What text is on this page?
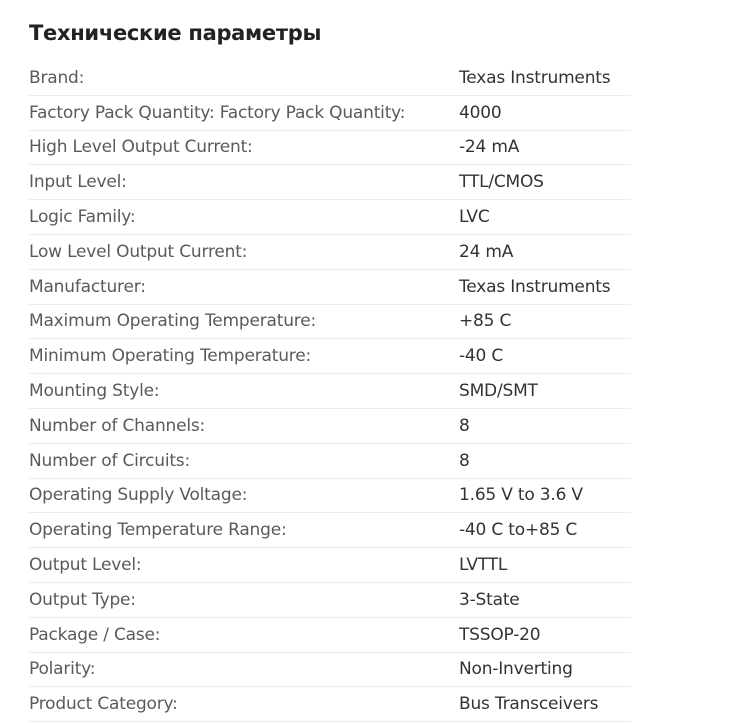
Технические параметры
Brand:	Texas Instruments
Factory Pack Quantity: Factory Pack Quantity:	4000
High Level Output Current:	-24 mA
Input Level:	TTL/CMOS
Logic Family:	LVC
Low Level Output Current:	24 mA
Manufacturer:	Texas Instruments
Maximum Operating Temperature:	+85 C
Minimum Operating Temperature:	-40 C
Mounting Style:	SMD/SMT
Number of Channels:	8
Number of Circuits:	8
Operating Supply Voltage:	1.65 V to 3.6 V
Operating Temperature Range:	-40 C to+85 C
Output Level:	LVTTL
Output Type:	3-State
Package / Case:	TSSOP-20
Polarity:	Non-Inverting
Product Category:	Bus Transceivers
